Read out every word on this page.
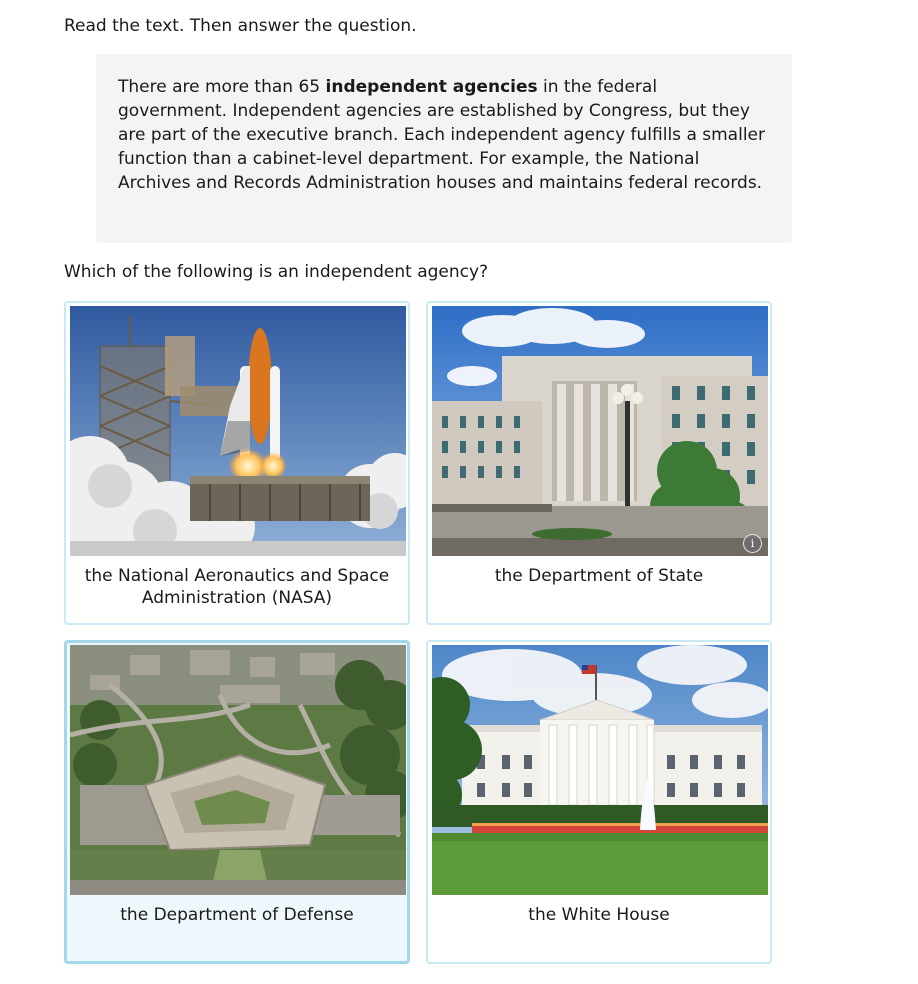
Read the text. Then answer the question.

There are more than 65 independent agencies in the federal government. Independent agencies are established by Congress, but they are part of the executive branch. Each independent agency fulfills a smaller function than a cabinet-level department. For example, the National Archives and Records Administration houses and maintains federal records.

Which of the following is an independent agency?

the National Aeronautics and Space Administration (NASA)
i
the Department of State
the Department of Defense	the White House
